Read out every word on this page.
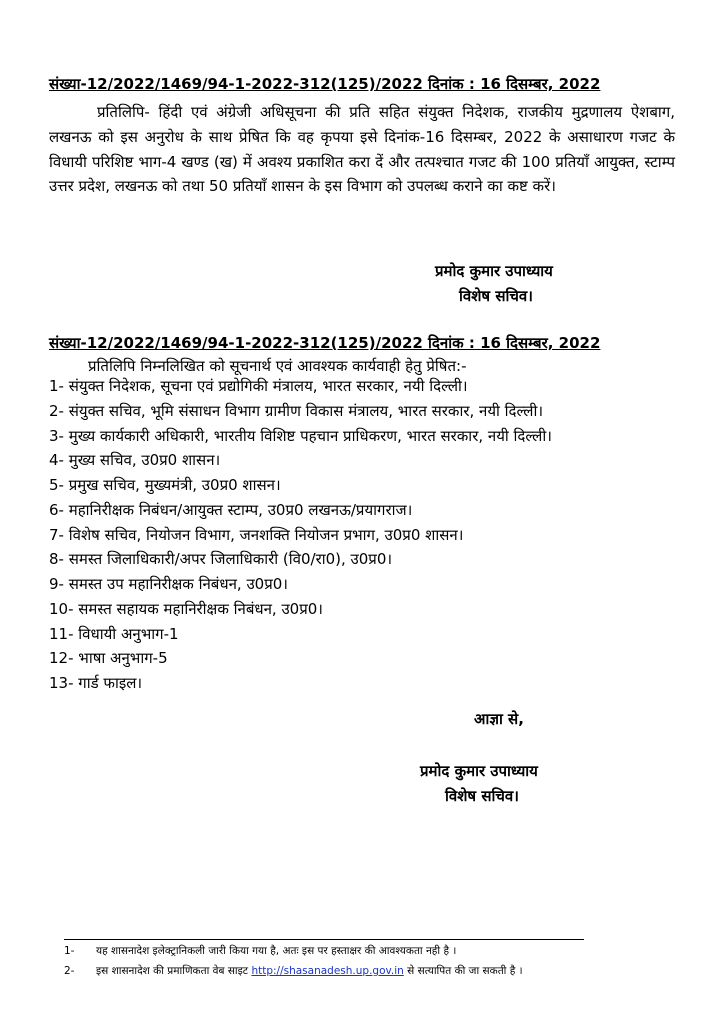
संख्या-12/2022/1469/94-1-2022-312(125)/2022 दिनांक : 16 दिसम्बर, 2022

प्रतिलिपि- हिंदी एवं अंग्रेजी अधिसूचना की प्रति सहित संयुक्त निदेशक, राजकीय मुद्रणालय ऐशबाग, लखनऊ को इस अनुरोध के साथ प्रेषित कि वह कृपया इसे दिनांक-16 दिसम्बर, 2022 के असाधारण गजट के विधायी परिशिष्ट भाग-4 खण्ड (ख) में अवश्य प्रकाशित करा दें और तत्पश्चात गजट की 100 प्रतियाँ आयुक्त, स्टाम्प उत्तर प्रदेश, लखनऊ को तथा 50 प्रतियाँ शासन के इस विभाग को उपलब्ध कराने का कष्ट करें।

प्रमोद कुमार उपाध्याय
विशेष सचिव।
संख्या-12/2022/1469/94-1-2022-312(125)/2022 दिनांक : 16 दिसम्बर, 2022
प्रतिलिपि निम्नलिखित को सूचनार्थ एवं आवश्यक कार्यवाही हेतु प्रेषित:-
1- संयुक्त निदेशक, सूचना एवं प्रद्योगिकी मंत्रालय, भारत सरकार, नयी दिल्ली।
2- संयुक्त सचिव, भूमि संसाधन विभाग ग्रामीण विकास मंत्रालय, भारत सरकार, नयी दिल्ली।
3- मुख्य कार्यकारी अधिकारी, भारतीय विशिष्ट पहचान प्राधिकरण, भारत सरकार, नयी दिल्ली।
4- मुख्य सचिव, उ0प्र0 शासन।
5- प्रमुख सचिव, मुख्यमंत्री, उ0प्र0 शासन।
6- महानिरीक्षक निबंधन/आयुक्त स्टाम्प, उ0प्र0 लखनऊ/प्रयागराज।
7- विशेष सचिव, नियोजन विभाग, जनशक्ति नियोजन प्रभाग, उ0प्र0 शासन।
8- समस्त जिलाधिकारी/अपर जिलाधिकारी (वि0/रा0), उ0प्र0।
9- समस्त उप महानिरीक्षक निबंधन, उ0प्र0।
10- समस्त सहायक महानिरीक्षक निबंधन, उ0प्र0।
11- विधायी अनुभाग-1
12- भाषा अनुभाग-5
13- गार्ड फाइल।
आज्ञा से,
प्रमोद कुमार उपाध्याय
विशेष सचिव।
1- यह शासनादेश इलेक्ट्रानिकली जारी किया गया है, अतः इस पर हस्ताक्षर की आवश्यकता नही है ।
2- इस शासनादेश की प्रमाणिकता वेब साइट http://shasanadesh.up.gov.in से सत्यापित की जा सकती है ।
